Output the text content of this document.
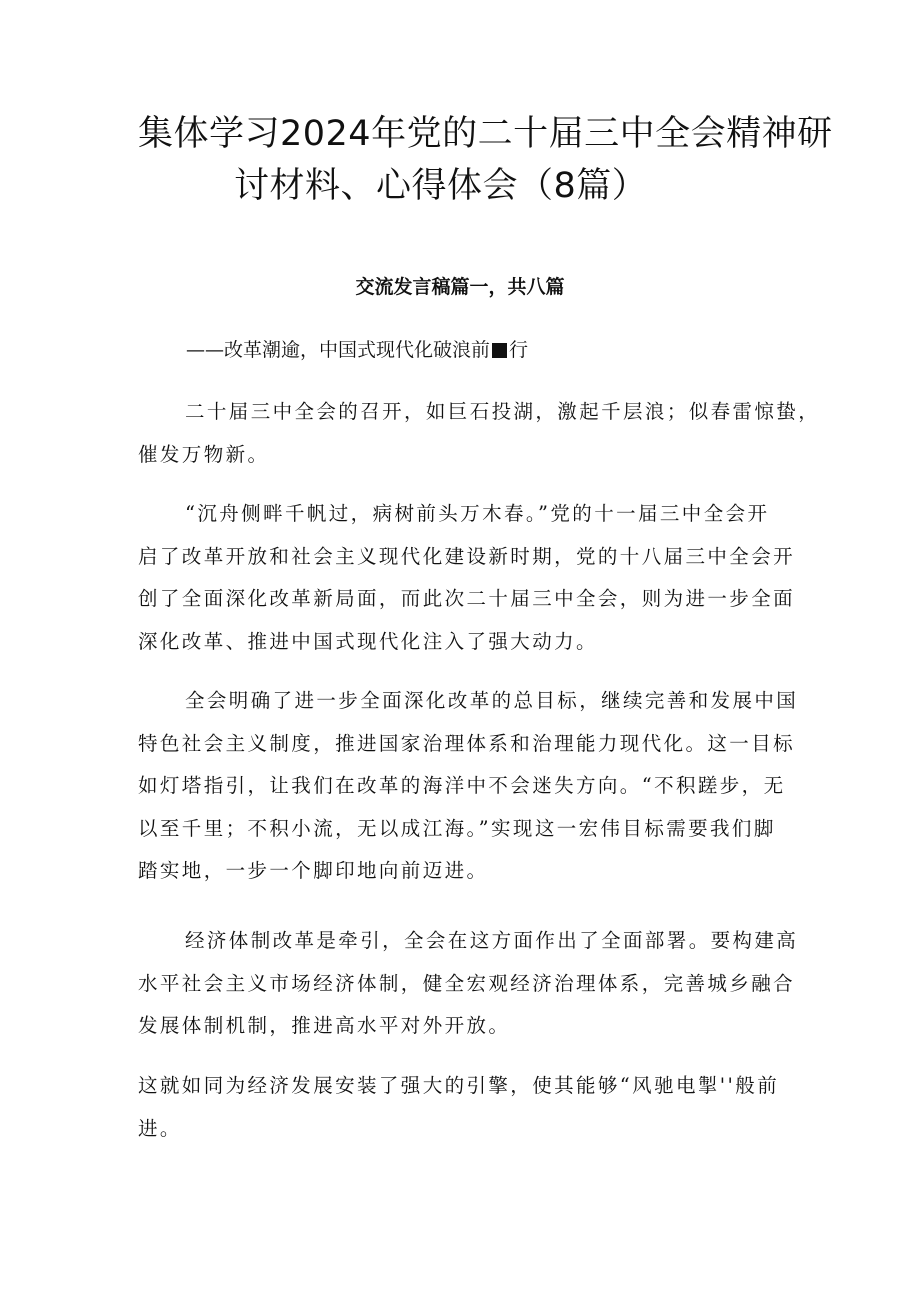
集体学习2024年党的二十届三中全会精神研
讨材料、心得体会（8篇）
交流发言稿篇一，共八篇
——改革潮逾，中国式现代化破浪前 行
二十届三中全会的召开，如巨石投湖，激起千层浪；似春雷惊蛰，
催发万物新。
“沉舟侧畔千帆过，病树前头万木春。”党的十一届三中全会开
启了改革开放和社会主义现代化建设新时期，党的十八届三中全会开
创了全面深化改革新局面，而此次二十届三中全会，则为进一步全面
深化改革、推进中国式现代化注入了强大动力。
全会明确了进一步全面深化改革的总目标，继续完善和发展中国
特色社会主义制度，推进国家治理体系和治理能力现代化。这一目标
如灯塔指引，让我们在改革的海洋中不会迷失方向。“不积蹉步，无
以至千里；不积小流，无以成江海。”实现这一宏伟目标需要我们脚
踏实地，一步一个脚印地向前迈进。
经济体制改革是牵引，全会在这方面作出了全面部署。要构建高
水平社会主义市场经济体制，健全宏观经济治理体系，完善城乡融合
发展体制机制，推进高水平对外开放。
这就如同为经济发展安装了强大的引擎，使其能够“风驰电掣''般前
进。
